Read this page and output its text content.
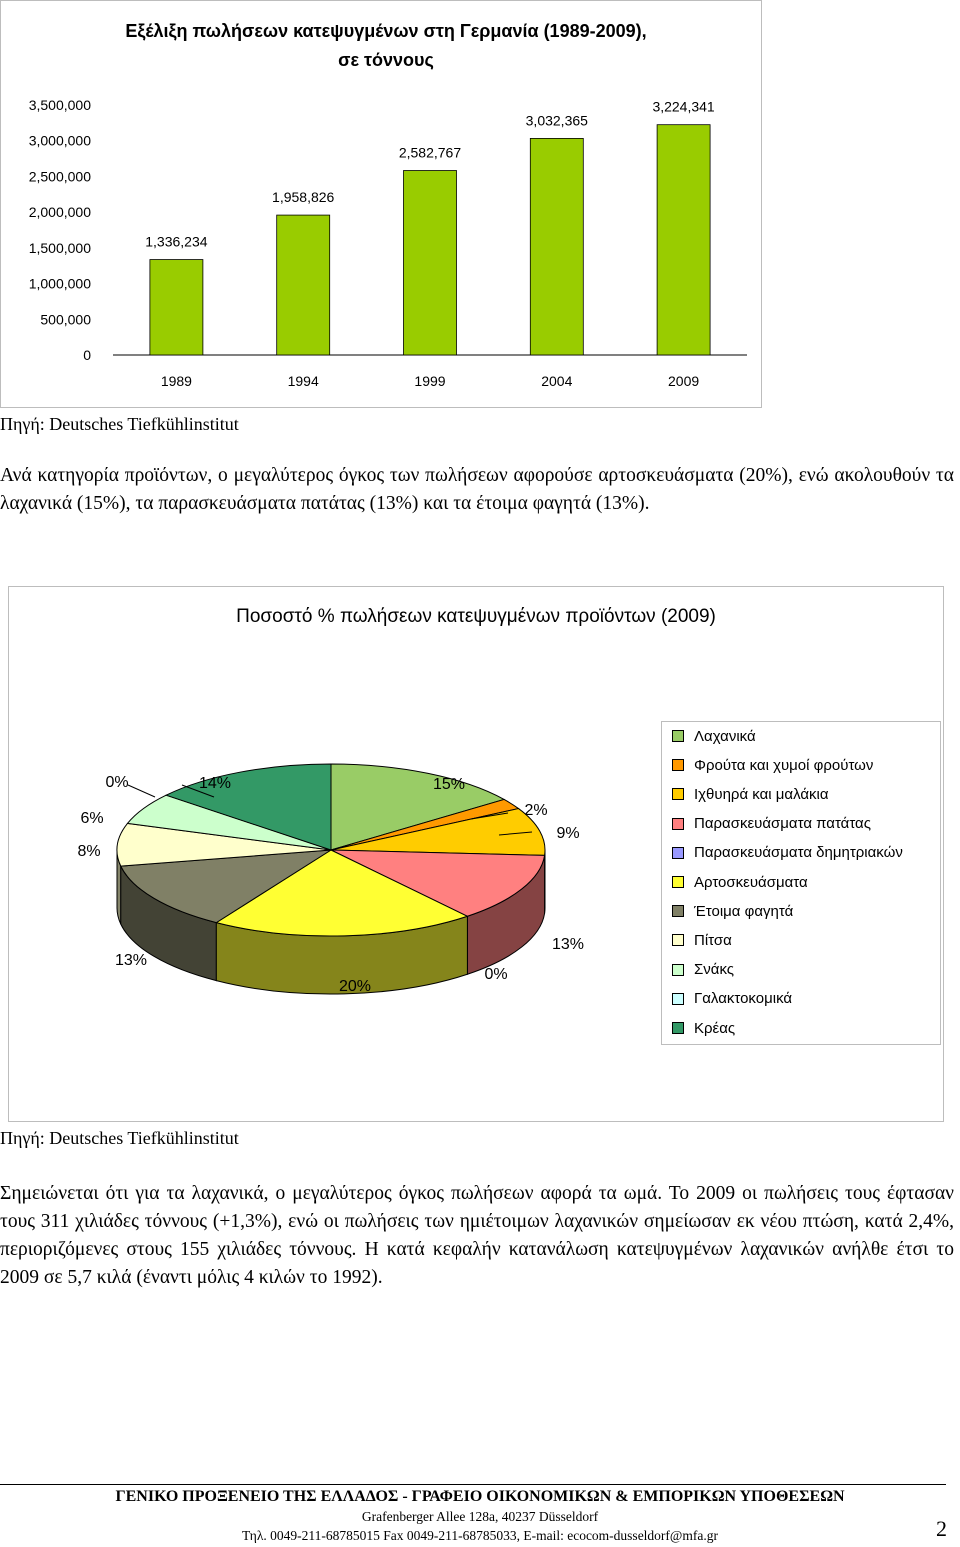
Εξέλιξη πωλήσεων κατεψυγμένων στη Γερμανία (1989-2009),
σε τόννους
0
500,000
1,000,000
1,500,000
2,000,000
2,500,000
3,000,000
3,500,000
1,336,234
1989
1,958,826
1994
2,582,767
1999
3,032,365
2004
3,224,341
2009
Πηγή: Deutsches Tiefkühlinstitut

Ανά κατηγορία προϊόντων, ο μεγαλύτερος όγκος των πωλήσεων αφορούσε αρτοσκευάσματα (20%), ενώ ακολουθούν τα λαχανικά (15%), τα παρασκευάσματα πατάτας (13%) και τα έτοιμα φαγητά (13%).

Ποσοστό % πωλήσεων κατεψυγμένων προϊόντων (2009)
15%
2%
9%
13%
0%
20%
13%
8%
6%
0%	14%
Λαχανικά
Φρούτα και χυμοί φρούτων
Ιχθυηρά και μαλάκια
Παρασκευάσματα πατάτας
Παρασκευάσματα δημητριακών
Αρτοσκευάσματα
Έτοιμα φαγητά
Πίτσα
Σνάκς
Γαλακτοκομικά
Κρέας
Πηγή: Deutsches Tiefkühlinstitut

Σημειώνεται ότι για τα λαχανικά, ο μεγαλύτερος όγκος πωλήσεων αφορά τα ωμά. Το 2009 οι πωλήσεις τους έφτασαν τους 311 χιλιάδες τόννους (+1,3%), ενώ οι πωλήσεις των ημιέτοιμων λαχανικών σημείωσαν εκ νέου πτώση, κατά 2,4%, περιοριζόμενες στους 155 χιλιάδες τόννους. Η κατά κεφαλήν κατανάλωση κατεψυγμένων λαχανικών ανήλθε έτσι το 2009 σε 5,7 κιλά (έναντι μόλις 4 κιλών το 1992).

ΓΕΝΙΚΟ ΠΡΟΞΕΝΕΙΟ ΤΗΣ ΕΛΛΑΔΟΣ - ΓΡΑΦΕΙΟ ΟΙΚΟΝΟΜΙΚΩΝ & ΕΜΠΟΡΙΚΩΝ ΥΠΟΘΕΣΕΩΝ
Grafenberger Allee 128a, 40237 Düsseldorf
Τηλ. 0049-211-68785015 Fax 0049-211-68785033, E-mail: ecocom-dusseldorf@mfa.gr	2
